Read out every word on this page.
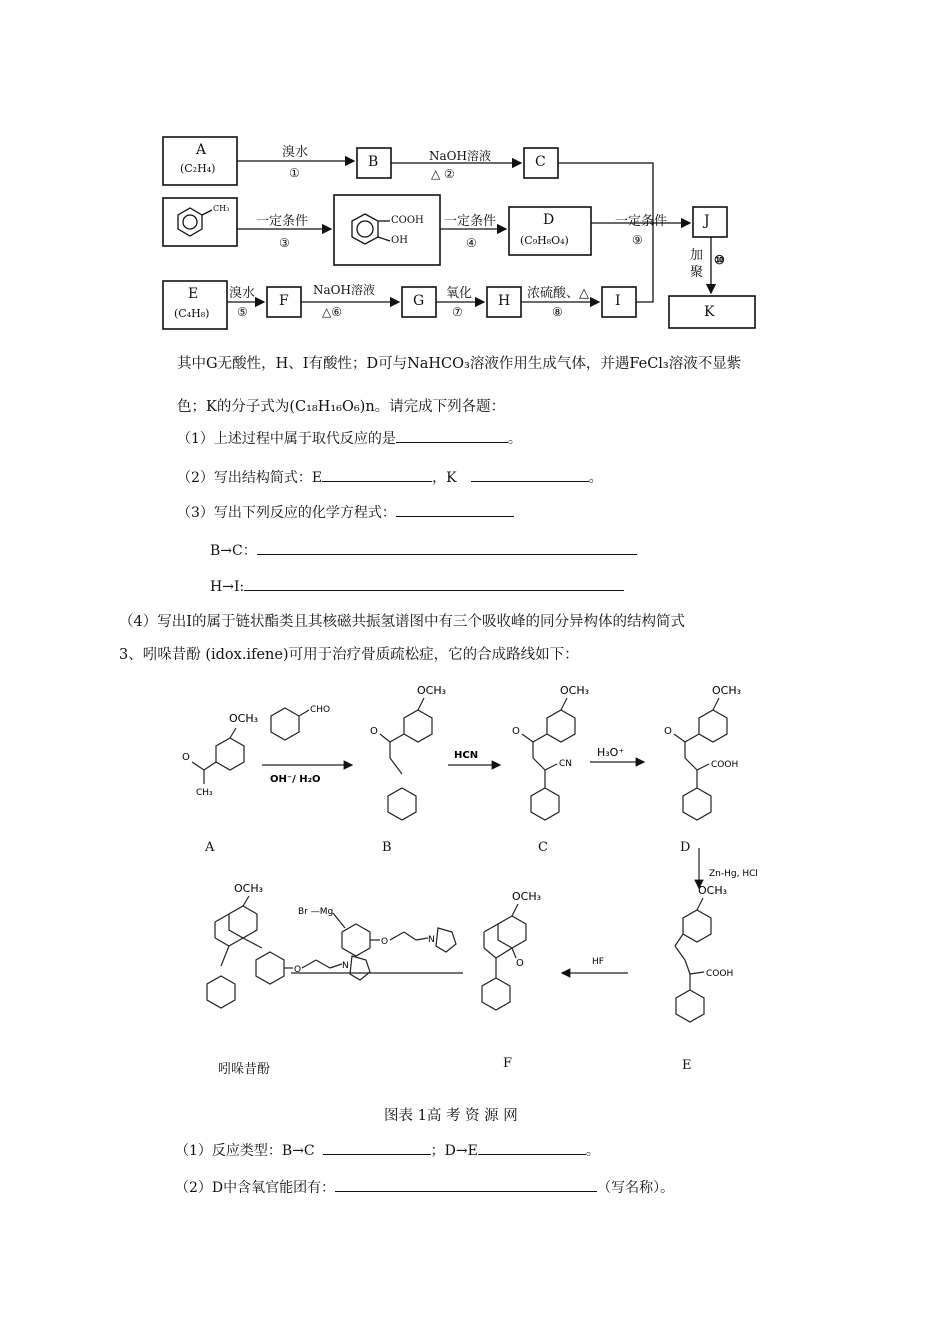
A
(C₂H₄)	B	C
CH₃
COOH
OH
D
(C₉H₈O₄)
J
E
(C₄H₈)
F	G	H	I
K
溴水
①
NaOH溶液
△ ②
一定条件
③
一定条件
④
溴水
⑤
NaOH溶液
△⑥
氧化
⑦
浓硫酸、△
⑧
一定条件
⑨
加
聚
⑩
其中G无酸性，H、I有酸性；D可与NaHCO₃溶液作用生成气体，并遇FeCl₃溶液不显紫
色；K的分子式为(C₁₈H₁₆O₆)n。请完成下列各题：
（1）上述过程中属于取代反应的是	。
（2）写出结构简式：E	，K	。
（3）写出下列反应的化学方程式：
B→C：
H→I:
（4）写出I的属于链状酯类且其核磁共振氢谱图中有三个吸收峰的同分异构体的结构简式
3、吲哚昔酚 (idox.ifene)可用于治疗骨质疏松症，它的合成路线如下：
OCH₃
O
CH₃
CHO
OH⁻/ H₂O
OCH₃
O
HCN
OCH₃
O
CN
H₃O⁺
OCH₃
O
COOH
Zn-Hg, HCl
OCH₃
COOH
HF
OCH₃
O
Br —Mg
O	N
OCH₃
O	N
A	B	C	D
E
F
吲哚昔酚
图表 1高 考 资 源 网
（1）反应类型：B→C	；D→E	。
（2）D中含氧官能团有：	（写名称）。
